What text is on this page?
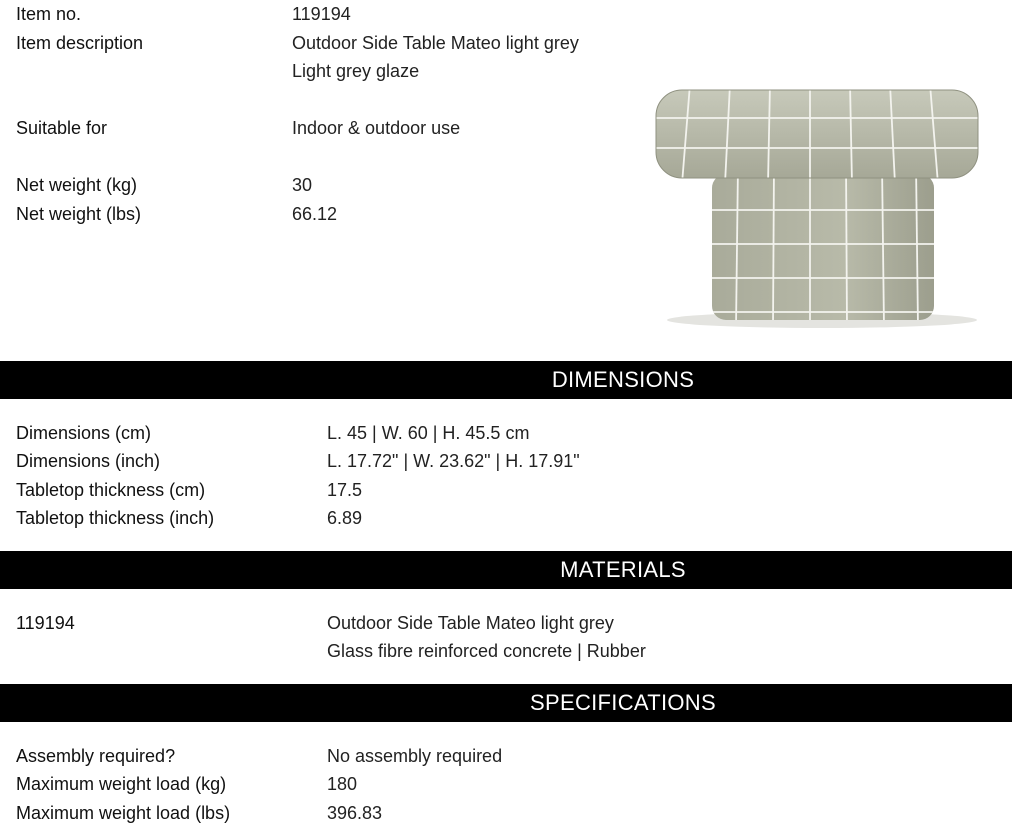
Item no.	119194
Item description	Outdoor Side Table Mateo light grey
Light grey glaze
Suitable for	Indoor & outdoor use
Net weight (kg)	30
Net weight (lbs)	66.12
DIMENSIONS
Dimensions (cm)	L. 45 | W. 60 | H. 45.5 cm
Dimensions (inch)	L. 17.72" | W. 23.62" | H. 17.91"
Tabletop thickness (cm)	17.5
Tabletop thickness (inch)	6.89
MATERIALS
119194	Outdoor Side Table Mateo light grey
Glass fibre reinforced concrete | Rubber
SPECIFICATIONS
Assembly required?	No assembly required
Maximum weight load (kg)	180
Maximum weight load (lbs)	396.83
